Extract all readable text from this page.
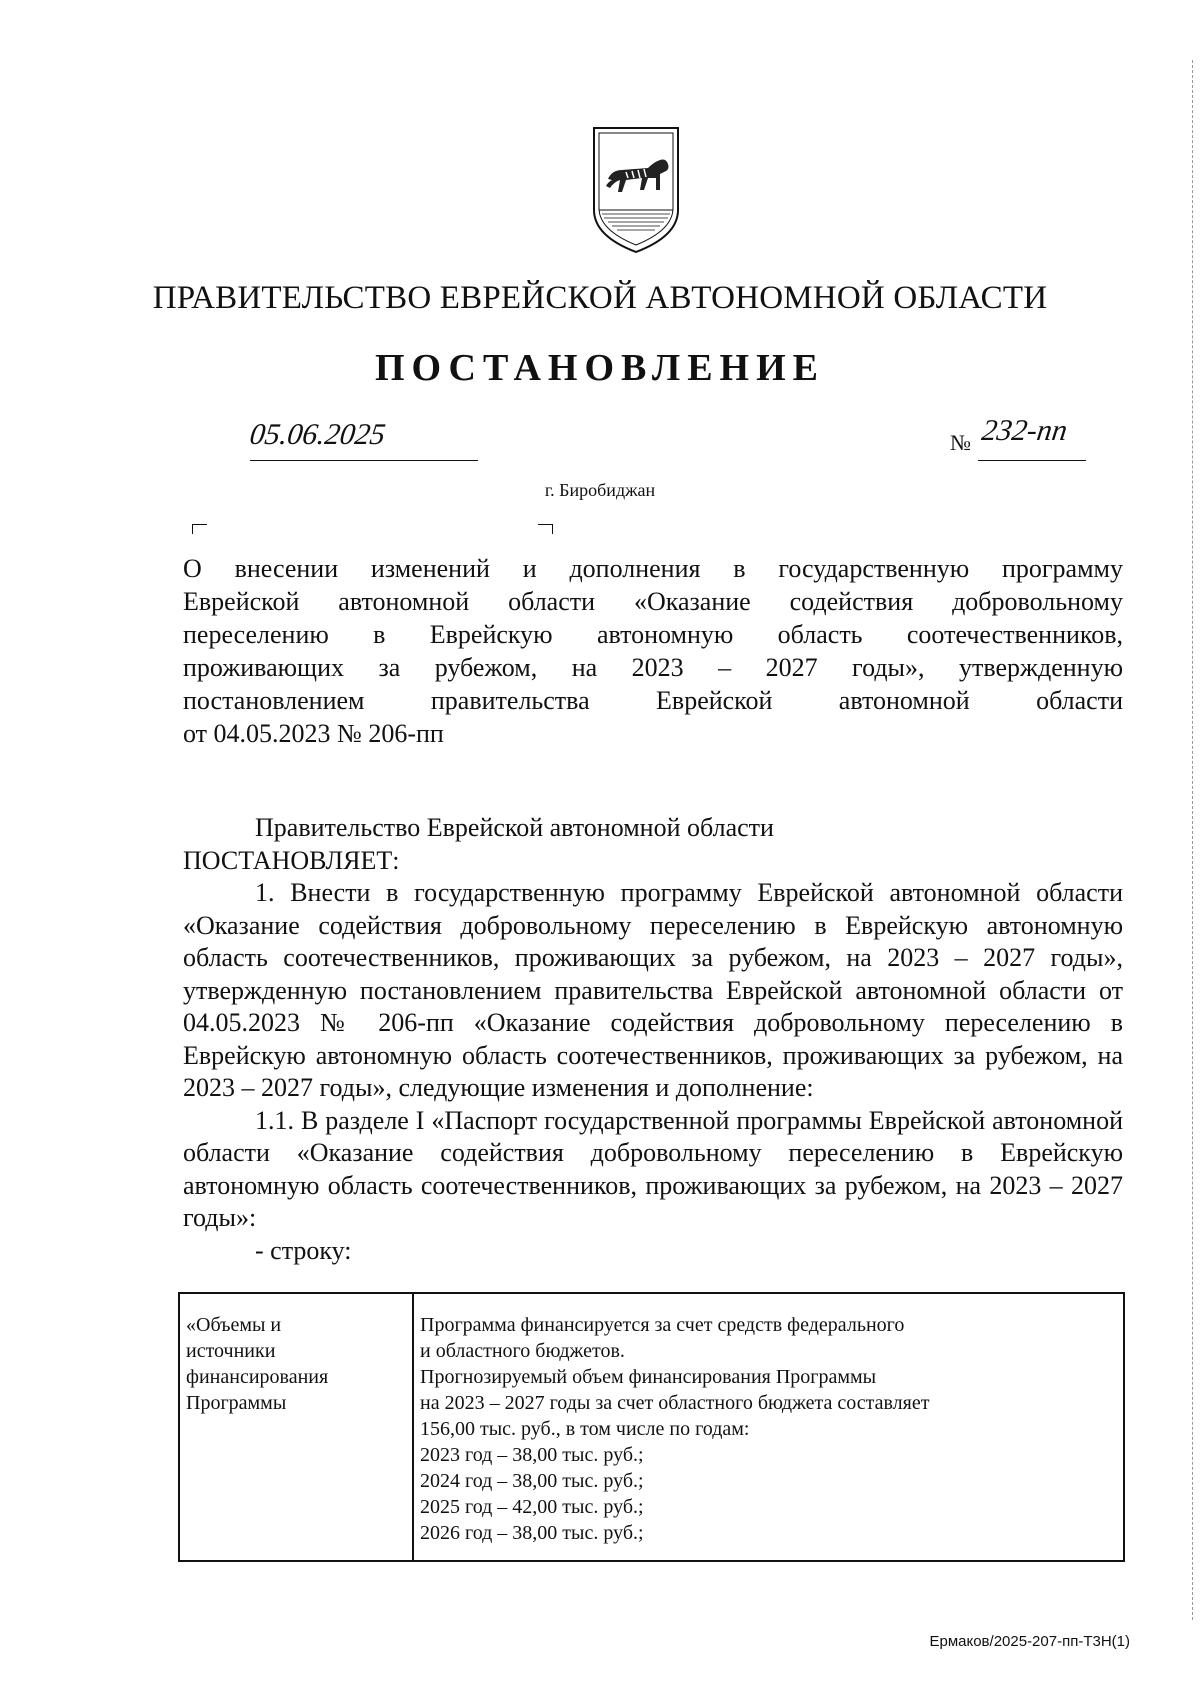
ПРАВИТЕЛЬСТВО ЕВРЕЙСКОЙ АВТОНОМНОЙ ОБЛАСТИ
ПОСТАНОВЛЕНИЕ
05.06.2025	№ 232-пп
г. Биробиджан
О внесении изменений и дополнения в государственную программу
Еврейской автономной области «Оказание содействия добровольному
переселению в Еврейскую автономную область соотечественников,
проживающих за рубежом, на 2023 – 2027 годы», утвержденную
постановлением правительства Еврейской автономной области
от 04.05.2023 № 206-пп

Правительство Еврейской автономной области

ПОСТАНОВЛЯЕТ:

1. Внести в государственную программу Еврейской автономной области «Оказание содействия добровольному переселению в Еврейскую автономную область соотечественников, проживающих за рубежом, на 2023 – 2027 годы», утвержденную постановлением правительства Еврейской автономной области от 04.05.2023 № 206-пп «Оказание содействия добровольному переселению в Еврейскую автономную область соотечественников, проживающих за рубежом, на 2023 – 2027 годы», следующие изменения и дополнение:

1.1. В разделе I «Паспорт государственной программы Еврейской автономной области «Оказание содействия добровольному переселению в Еврейскую автономную область соотечественников, проживающих за рубежом, на 2023 – 2027 годы»:

- строку:

«Объемы и
источники
финансирования
Программы
Программа финансируется за счет средств федерального
и областного бюджетов.
Прогнозируемый объем финансирования Программы
на 2023 – 2027 годы за счет областного бюджета составляет
156,00 тыс. руб., в том числе по годам:
2023 год – 38,00 тыс. руб.;
2024 год – 38,00 тыс. руб.;
2025 год – 42,00 тыс. руб.;
2026 год – 38,00 тыс. руб.;
Ермаков/2025-207-пп-Т3Н(1)
